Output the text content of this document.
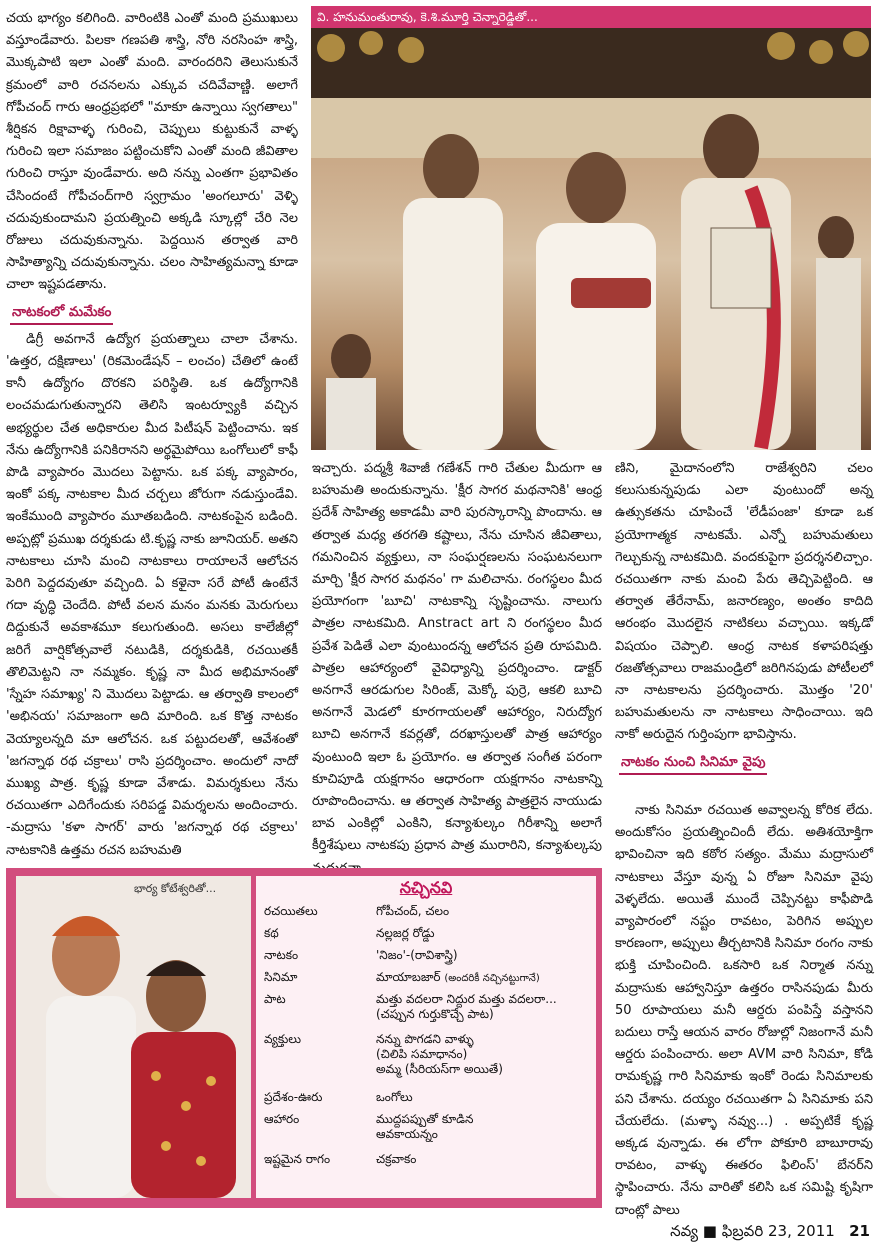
చయ భాగ్యం కలిగింది. వారింటికి ఎంతో మంది ప్రముఖులు వస్తూండేవారు. పిలకా గణపతి శాస్త్రి, నోరి నరసింహ శాస్త్రి, మొక్కపాటి ఇలా ఎంతో మంది. వారందరిని తెలుసుకునే క్రమంలో వారి రచనలను ఎక్కువ చదివేవాణ్ణి. అలాగే గోపీచంద్ గారు ఆంధ్రప్రభలో "మాకూ ఉన్నాయి స్వగతాలు" శీర్షికన రిక్షావాళ్ళ గురించి, చెప్పులు కుట్టుకునే వాళ్ళ గురించి ఇలా సమాజం పట్టించుకోని ఎంతో మంది జీవితాల గురించి రాస్తూ వుండేవారు. అది నన్ను ఎంతగా ప్రభావితం చేసిందంటే గోపీచంద్‌గారి స్వగ్రామం 'అంగలూరు' వెళ్ళి చదువుకుందామని ప్రయత్నించి అక్కడి స్కూల్లో చేరి నెల రోజులు చదువుకున్నాను. పెద్దయిన తర్వాత వారి సాహిత్యాన్ని చదువుకున్నాను. చలం సాహిత్యమన్నా కూడా చాలా ఇష్టపడతాను.

నాటకంలో మమేకం

డిగ్రీ అవగానే ఉద్యోగ ప్రయత్నాలు చాలా చేశాను. 'ఉత్తర, దక్షిణాలు' (రికమెండేషన్ – లంచం) చేతిలో ఉంటే కానీ ఉద్యోగం దొరకని పరిస్థితి. ఒక ఉద్యోగానికి లంచమడుగుతున్నారని తెలిసి ఇంటర్వ్యూకి వచ్చిన అభ్యర్థుల చేత అధికారుల మీద పిటీషన్ పెట్టించాను. ఇక నేను ఉద్యోగానికి పనికిరానని అర్థమైపోయి ఒంగోలులో కాఫీ పొడి వ్యాపారం మొదలు పెట్టాను. ఒక పక్క వ్యాపారం, ఇంకో పక్క నాటకాల మీద చర్చలు జోరుగా నడుస్తుండేవి. ఇంకేముంది వ్యాపారం మూతబడింది. నాటకంపైన బడింది. అప్పట్లో ప్రముఖ దర్శకుడు టి.కృష్ణ నాకు జూనియర్. అతని నాటకాలు చూసి మంచి నాటకాలు రాయాలనే ఆలోచన పెరిగి పెద్దదవుతూ వచ్చింది. ఏ కళైనా సరే పోటీ ఉంటేనే గదా వృద్ధి చెందేది. పోటీ వలన మనం మనకు మెరుగులు దిద్దుకునే అవకాశమూ కలుగుతుంది. అసలు కాలేజీల్లో జరిగే వార్షికోత్సవాలే నటుడికి, దర్శకుడికి, రచయితకీ తొలిమెట్టని నా నమ్మకం. కృష్ణ నా మీద అభిమానంతో 'స్నేహ సమాఖ్య' ని మొదలు పెట్టాడు. ఆ తర్వాతి కాలంలో 'అభినయ' సమాజంగా అది మారింది. ఒక కొత్త నాటకం వెయ్యాలన్నది మా ఆలోచన. ఒక పట్టుదలతో, ఆవేశంతో 'జగన్నాథ రథ చక్రాలు' రాసి ప్రదర్శించాం. అందులో నాదో ముఖ్య పాత్ర. కృష్ణ కూడా వేశాడు. విమర్శకులు నేను రచయితగా ఎదిగేందుకు సరిపడ్డ విమర్శలను అందించారు. -మద్రాసు 'కళా సాగర్' వారు 'జగన్నాథ రథ చక్రాలు' నాటకానికి ఉత్తమ రచన బహుమతి

వి. హనుమంతురావు, కె.శి.మూర్తి చెన్నారెడ్డితో...

ఇచ్చారు. పద్మశ్రీ శివాజీ గణేశన్ గారి చేతుల మీదుగా ఆ బహుమతి అందుకున్నాను. 'క్షీర సాగర మథనానికి' ఆంధ్ర ప్రదేశ్ సాహిత్య అకాడమీ వారి పురస్కారాన్ని పొందాను. ఆ తర్వాత మధ్య తరగతి కష్టాలు, నేను చూసిన జీవితాలు, గమనించిన వ్యక్తులు, నా సంఘర్షణలను సంఘటనలుగా మార్చి 'క్షీర సాగర మథనం' గా మలిచాను. రంగస్థలం మీద ప్రయోగంగా 'బూచి' నాటకాన్ని సృష్టించాను. నాలుగు పాత్రల నాటకమిది. Anstract art ని రంగస్థలం మీద ప్రవేశ పెడితే ఎలా వుంటుందన్న ఆలోచన ప్రతి రూపమిది. పాత్రల ఆహార్యంలో వైవిధ్యాన్ని ప్రదర్శించాం. డాక్టర్ అనగానే ఆరడుగుల సిరింజ్, మెక్కో పుర్రె, ఆకలి బూచి అనగానే మెడలో కూరగాయలతో ఆహార్యం, నిరుద్యోగ బూచి అనగానే కవర్లతో, దరఖాస్తులతో పాత్ర ఆహార్యం వుంటుంది ఇలా ఓ ప్రయోగం. ఆ తర్వాత సంగీత పరంగా కూచిపూడి యక్షగానం ఆధారంగా యక్షగానం నాటకాన్ని రూపొందించాను. ఆ తర్వాత సాహిత్య పాత్రలైన నాయుడు బావ ఎంకిల్లో ఎంకిని, కన్యాశుల్కం గిరీశాన్ని అలాగే కీర్తిశేషులు నాటకపు ప్రధాన పాత్ర మురారిని, కన్యాశుల్కపు

ణిని, మైదానంలోని రాజేశ్వరిని చలం కలుసుకున్నపుడు ఎలా వుంటుందో అన్న ఉత్సుకతను చూపించే 'లేడీపంజా' కూడా ఒక ప్రయోగాత్మక నాటకమే. ఎన్నో బహుమతులు గెల్చుకున్న నాటకమిది. వందకుపైగా ప్రదర్శనలిచ్చాం. రచయితగా నాకు మంచి పేరు తెచ్చిపెట్టింది. ఆ తర్వాత తేరేనామ్, జనారణ్యం, అంతం కాదిది ఆరంభం మొదలైన నాటికలు వచ్చాయి. ఇక్కడో విషయం చెప్పాలి. ఆంధ్ర నాటక కళాపరిషత్తు రజతోత్సవాలు రాజమండ్రిలో జరిగినపుడు పోటీలలో నా నాటకాలను ప్రదర్శించారు. మొత్తం '20' బహుమతులను నా నాటకాలు సాధించాయి. ఇది నాకో అరుదైన గుర్తింపుగా భావిస్తాను.

నాటకం నుంచి సినిమా వైపు

నాకు సినిమా రచయిత అవ్వాలన్న కోరిక లేదు. అందుకోసం ప్రయత్నించిందీ లేదు. అతిశయోక్తిగా భావించినా ఇది కఠోర సత్యం. మేము మద్రాసులో నాటకాలు వేస్తూ వున్న ఏ రోజూ సినిమా వైపు వెళ్ళలేదు. అయితే ముందే చెప్పినట్టు కాఫీపొడి వ్యాపారంలో నష్టం రావటం, పెరిగిన అప్పుల కారణంగా, అప్పులు తీర్చటానికి సినిమా రంగం నాకు భుక్తి చూపించింది. ఒకసారి ఒక నిర్మాత నన్ను మద్రాసుకు ఆహ్వానిస్తూ ఉత్తరం రాసినపుడు మీరు 50 రూపాయలు మనీ ఆర్డరు పంపిస్తే వస్తానని బదులు రాస్తే ఆయన వారం రోజుల్లో నిజంగానే మనీ ఆర్డరు పంపించారు. అలా AVM వారి సినిమా, కోడి రామకృష్ణ గారి సినిమాకు ఇంకో రెండు సినిమాలకు పని చేశాను. దయ్యం రచయితగా ఏ సినిమాకు పని చేయలేదు. (మళ్ళా నవ్వు...) . అప్పటికే కృష్ణ అక్కడ వున్నాడు. ఈ లోగా పోకూరి బాబూరావు రావటం, వాళ్ళు ఈతరం ఫిలింస్' బేనర్‌ని స్థాపించారు. నేను వారితో కలిసి ఒక సమిష్టి కృషిగా దాంట్లో పాలు

భార్య కోటేశ్వరితో...	నచ్చినవి
రచయితలు	గోపీచంద్, చలం
కథ	నల్లజర్ల రోడ్డు
నాటకం	'నిజం'-(రావిశాస్త్రి)
సినిమా	మాయాబజార్ (అందరికీ నచ్చినట్టుగానే)
పాట	మత్తు వదలరా నిద్దుర మత్తు వదలరా...
(చప్పున గుర్తుకొచ్చే పాట)
వ్యక్తులు	నన్ను పొగడని వాళ్ళు
(చిలిపి సమాధానం)
అమ్మ (సీరియస్‌గా అయితే)
ప్రదేశం-ఊరు	ఒంగోలు
ఆహారం	ముద్దపప్పుతో కూడిన
ఆవకాయన్నం
ఇష్టమైన రాగం	చక్రవాకం
నవ్య ■ ఫిబ్రవరి 23, 2011 21
